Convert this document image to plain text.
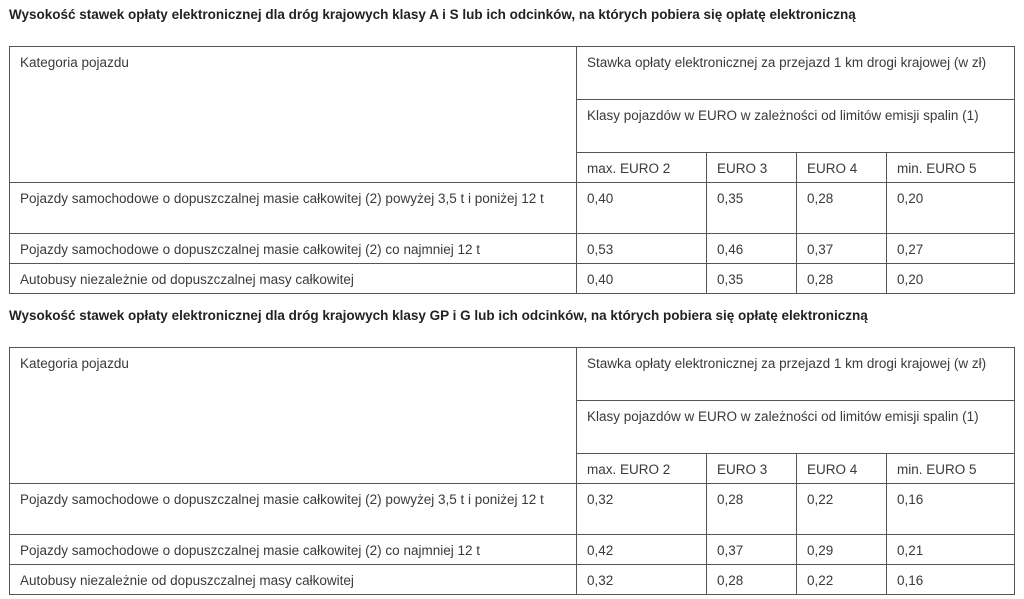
Wysokość stawek opłaty elektronicznej dla dróg krajowych klasy A i S lub ich odcinków, na których pobiera się opłatę elektroniczną
Kategoria pojazdu	Stawka opłaty elektronicznej za przejazd 1 km drogi krajowej (w zł)			
	Klasy pojazdów w EURO w zależności od limitów emisji spalin (1)			
	max. EURO 2	EURO 3	EURO 4	min. EURO 5
Pojazdy samochodowe o dopuszczalnej masie całkowitej (2) powyżej 3,5 t i poniżej 12 t	0,40	0,35	0,28	0,20
Pojazdy samochodowe o dopuszczalnej masie całkowitej (2) co najmniej 12 t	0,53	0,46	0,37	0,27
Autobusy niezależnie od dopuszczalnej masy całkowitej	0,40	0,35	0,28	0,20
Wysokość stawek opłaty elektronicznej dla dróg krajowych klasy GP i G lub ich odcinków, na których pobiera się opłatę elektroniczną
Kategoria pojazdu	Stawka opłaty elektronicznej za przejazd 1 km drogi krajowej (w zł)			
	Klasy pojazdów w EURO w zależności od limitów emisji spalin (1)			
	max. EURO 2	EURO 3	EURO 4	min. EURO 5
Pojazdy samochodowe o dopuszczalnej masie całkowitej (2) powyżej 3,5 t i poniżej 12 t	0,32	0,28	0,22	0,16
Pojazdy samochodowe o dopuszczalnej masie całkowitej (2) co najmniej 12 t	0,42	0,37	0,29	0,21
Autobusy niezależnie od dopuszczalnej masy całkowitej	0,32	0,28	0,22	0,16
